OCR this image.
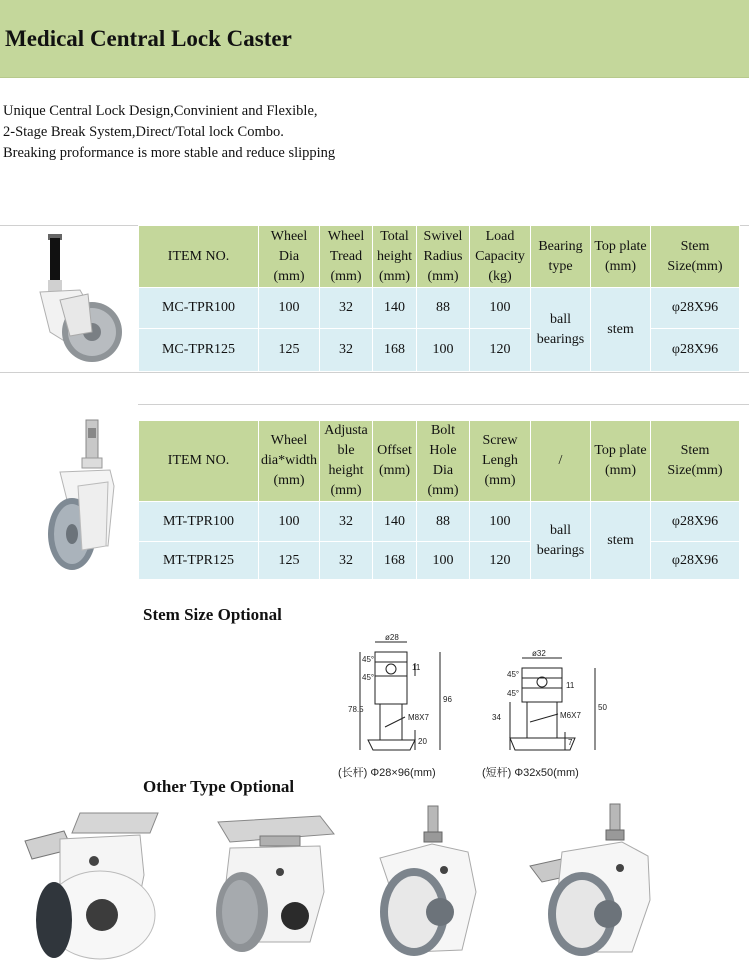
Medical Central Lock Caster
Unique Central Lock Design,Convinient and Flexible,
2-Stage Break System,Direct/Total lock Combo.
Breaking proformance is more stable and reduce slipping
ITEM NO.	Wheel
Dia
(mm)	Wheel
Tread
(mm)	Total
height
(mm)	Swivel
Radius
(mm)	Load
Capacity
(kg)	Bearing
type	Top plate
(mm)	Stem
Size(mm)
MC-TPR100	100	32	140	88	100	ball
bearings	stem	φ28X96
MC-TPR125	125	32	168	100	120			φ28X96
ITEM NO.	Wheel
dia*width
(mm)	Adjusta
ble
height
(mm)	Offset
(mm)	Bolt
Hole
Dia
(mm)	Screw
Lengh
(mm)	/	Top plate
(mm)	Stem
Size(mm)
MT-TPR100	100	32	140	88	100	ball
bearings	stem	φ28X96
MT-TPR125	125	32	168	100	120			φ28X96
Stem Size Optional
ø28
11
45°
45°
78.5
96
M8X7
20
ø32
11
45°
45°
34
50
M6X7
7
(长杆) Φ28×96(mm)	(短杆) Φ32x50(mm)
Other Type Optional
